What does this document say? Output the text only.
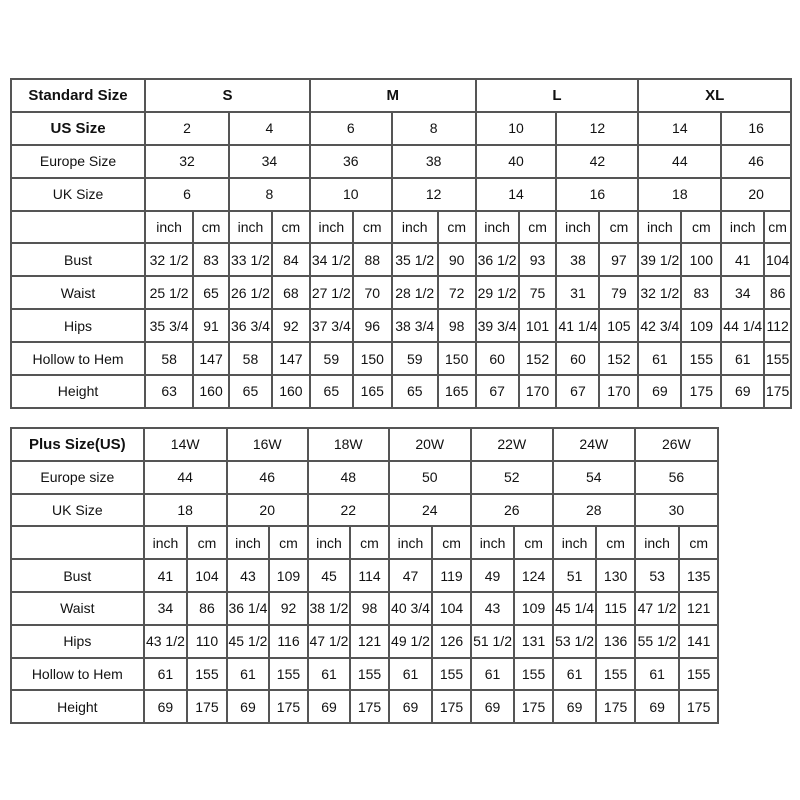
Standard Size	S				M				L				XL			
US Size	2		4		6		8		10		12		14		16	
Europe Size	32		34		36		38		40		42		44		46	
UK Size	6		8		10		12		14		16		18		20	
	inch	cm	inch	cm	inch	cm	inch	cm	inch	cm	inch	cm	inch	cm	inch	cm
Bust	32 1/2	83	33 1/2	84	34 1/2	88	35 1/2	90	36 1/2	93	38	97	39 1/2	100	41	104
Waist	25 1/2	65	26 1/2	68	27 1/2	70	28 1/2	72	29 1/2	75	31	79	32 1/2	83	34	86
Hips	35 3/4	91	36 3/4	92	37 3/4	96	38 3/4	98	39 3/4	101	41 1/4	105	42 3/4	109	44 1/4	112
Hollow to Hem	58	147	58	147	59	150	59	150	60	152	60	152	61	155	61	155
Height	63	160	65	160	65	165	65	165	67	170	67	170	69	175	69	175
Plus Size(US)	14W		16W		18W		20W		22W		24W		26W	
Europe size	44		46		48		50		52		54		56	
UK Size	18		20		22		24		26		28		30	
	inch	cm	inch	cm	inch	cm	inch	cm	inch	cm	inch	cm	inch	cm
Bust	41	104	43	109	45	114	47	119	49	124	51	130	53	135
Waist	34	86	36 1/4	92	38 1/2	98	40 3/4	104	43	109	45 1/4	115	47 1/2	121
Hips	43 1/2	110	45 1/2	116	47 1/2	121	49 1/2	126	51 1/2	131	53 1/2	136	55 1/2	141
Hollow to Hem	61	155	61	155	61	155	61	155	61	155	61	155	61	155
Height	69	175	69	175	69	175	69	175	69	175	69	175	69	175
